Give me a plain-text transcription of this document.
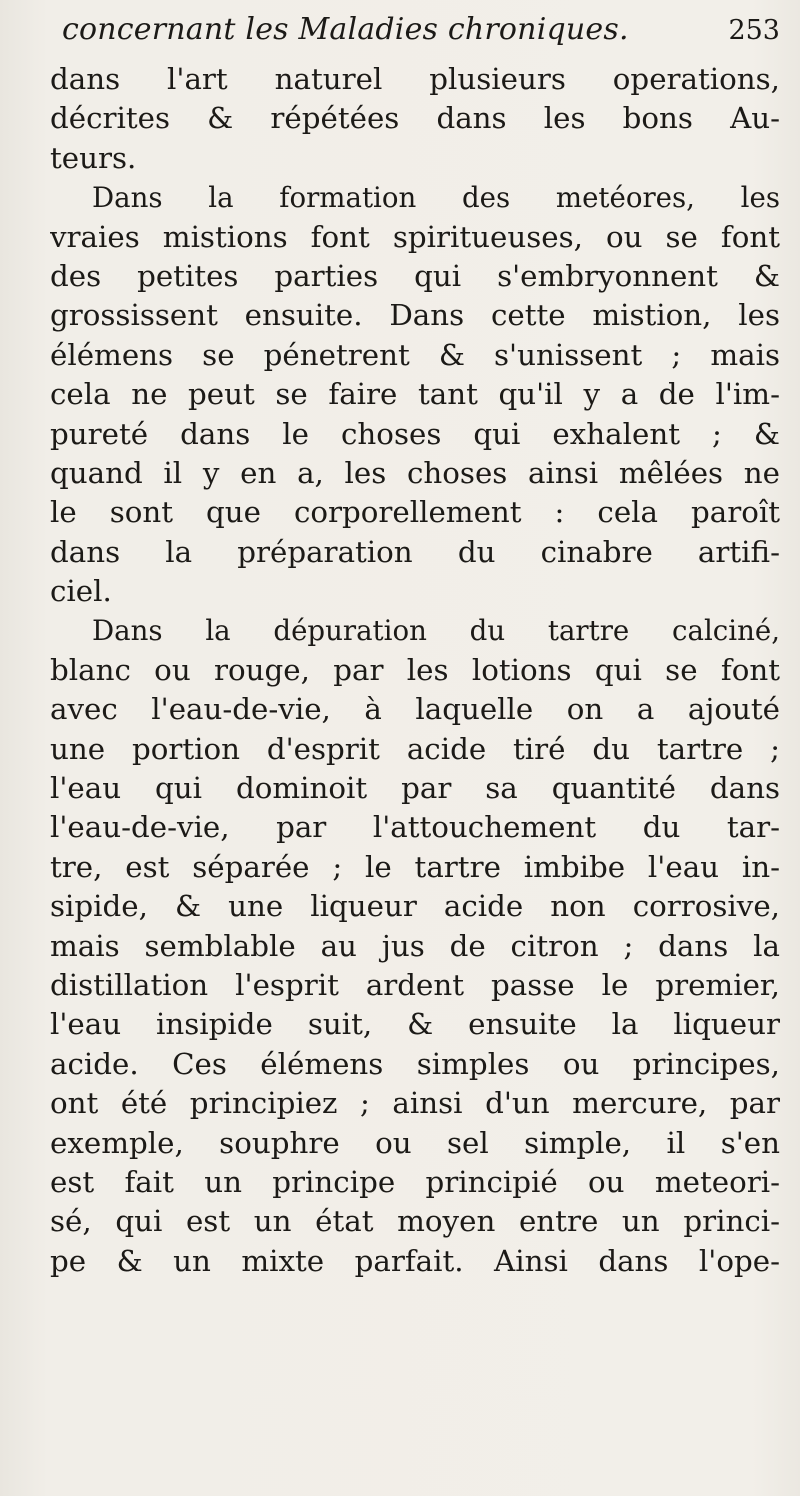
concernant les Maladies chroniques.	253
dans l'art naturel plusieurs operations,
décrites & répétées dans les bons Au-
teurs.
Dans la formation des metéores, les
vraies mistions font spiritueuses, ou se font
des petites parties qui s'embryonnent &
grossissent ensuite. Dans cette mistion, les
élémens se pénetrent & s'unissent ; mais
cela ne peut se faire tant qu'il y a de l'im-
pureté dans le choses qui exhalent ; &
quand il y en a, les choses ainsi mêlées ne
le sont que corporellement : cela paroît
dans la préparation du cinabre artifi-
ciel.
Dans la dépuration du tartre calciné,
blanc ou rouge, par les lotions qui se font
avec l'eau-de-vie, à laquelle on a ajouté
une portion d'esprit acide tiré du tartre ;
l'eau qui dominoit par sa quantité dans
l'eau-de-vie, par l'attouchement du tar-
tre, est séparée ; le tartre imbibe l'eau in-
sipide, & une liqueur acide non corrosive,
mais semblable au jus de citron ; dans la
distillation l'esprit ardent passe le premier,
l'eau insipide suit, & ensuite la liqueur
acide. Ces élémens simples ou principes,
ont été principiez ; ainsi d'un mercure, par
exemple, souphre ou sel simple, il s'en
est fait un principe principié ou meteori-
sé, qui est un état moyen entre un princi-
pe & un mixte parfait. Ainsi dans l'ope-
